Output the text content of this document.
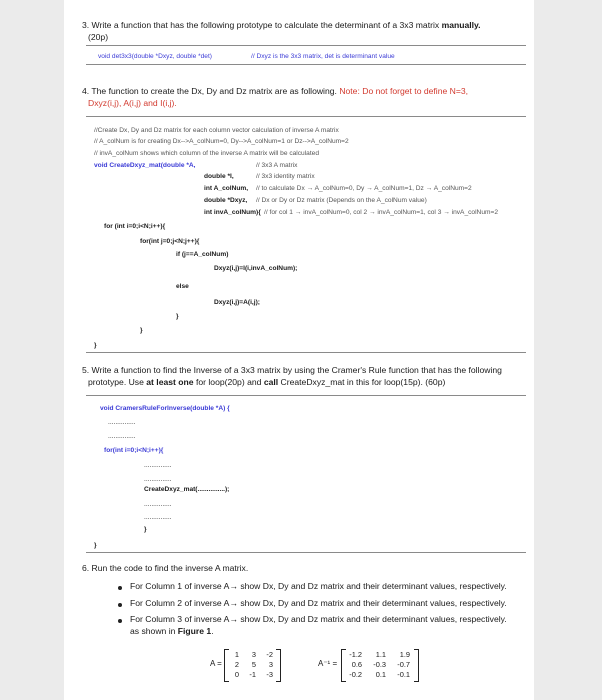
3. Write a function that has the following prototype to calculate the determinant of a 3x3 matrix manually.
(20p)
void det3x3(double *Dxyz, double *det)	// Dxyz is the 3x3 matrix, det is determinant value
4. The function to create the Dx, Dy and Dz matrix are as following. Note: Do not forget to define N=3,
Dxyz(i,j), A(i,j) and I(i,j).
//Create Dx, Dy and Dz matrix for each column vector calculation of inverse A matrix
// A_colNum is for creating Dx-->A_colNum=0, Dy-->A_colNum=1 or Dz-->A_colNum=2
// invA_colNum shows which column of the inverse A matrix will be calculated
void CreateDxyz_mat(double *A,	// 3x3 A matrix
double *I,	// 3x3 identity matrix
int A_colNum, // to calculate Dx → A_colNum=0, Dy → A_colNum=1, Dz → A_colNum=2
double *Dxyz, // Dx or Dy or Dz matrix (Depends on the A_colNum value)
int invA_colNum){ // for col 1 → invA_colNum=0, col 2 → invA_colNum=1, col 3 → invA_colNum=2
for (int i=0;i<N;i++){
for(int j=0;j<N;j++){
if (j==A_colNum)
Dxyz(i,j)=I(i,invA_colNum);
else
Dxyz(i,j)=A(i,j);
}
}
}
5. Write a function to find the Inverse of a 3x3 matrix by using the Cramer's Rule function that has the following
prototype. Use at least one for loop(20p) and call CreateDxyz_mat in this for loop(15p). (60p)
void CramersRuleForInverse(double *A) {
...............
...............
for(int i=0;i<N;i++){
...............
...............
CreateDxyz_mat(...............);
...............
...............
}
}
6. Run the code to find the inverse A matrix.
For Column 1 of inverse A→ show Dx, Dy and Dz matrix and their determinant values, respectively.
For Column 2 of inverse A→ show Dx, Dy and Dz matrix and their determinant values, respectively.
For Column 3 of inverse A→ show Dx, Dy and Dz matrix and their determinant values, respectively.
as shown in Figure 1.
A =
1	3	-2
2	5	3
0	-1	-3
A⁻¹ =
-1.2	1.1	1.9
0.6	-0.3	-0.7
-0.2	0.1	-0.1
